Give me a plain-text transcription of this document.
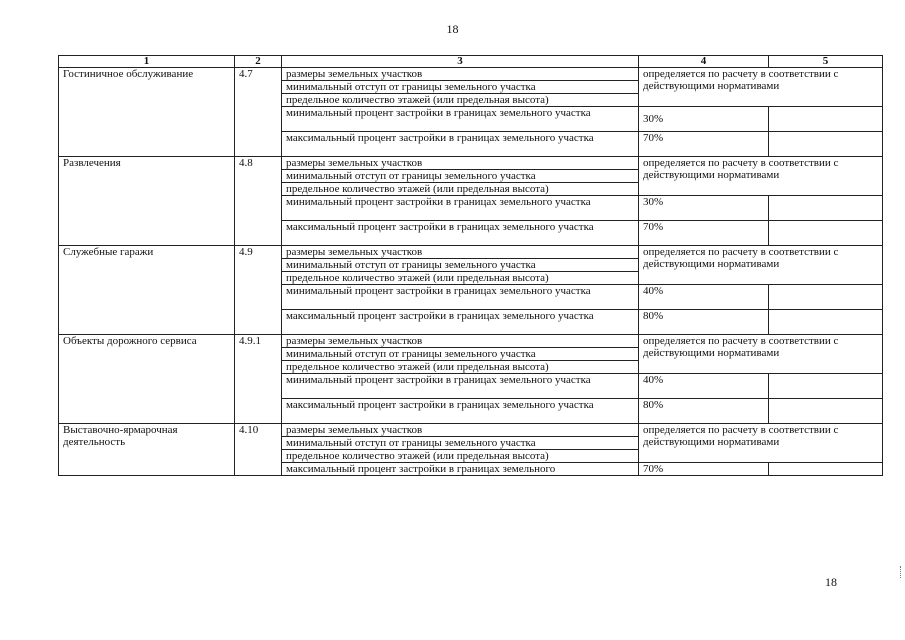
18
1	2	3	4	5
Гостиничное обслуживание	4.7	размеры земельных участков	определяется по расчету в соответствии с действующими нормативами	
		минимальный отступ от границы земельного участка		
		предельное количество этажей (или предельная высота)		
		минимальный процент застройки в границах земельного участка	30%	
		максимальный процент застройки в границах земельного участка	70%	
Развлечения	4.8	размеры земельных участков	определяется по расчету в соответствии с действующими нормативами	
		минимальный отступ от границы земельного участка		
		предельное количество этажей (или предельная высота)		
		минимальный процент застройки в границах земельного участка	30%	
		максимальный процент застройки в границах земельного участка	70%	
Служебные гаражи	4.9	размеры земельных участков	определяется по расчету в соответствии с действующими нормативами	
		минимальный отступ от границы земельного участка		
		предельное количество этажей (или предельная высота)		
		минимальный процент застройки в границах земельного участка	40%	
		максимальный процент застройки в границах земельного участка	80%	
Объекты дорожного сервиса	4.9.1	размеры земельных участков	определяется по расчету в соответствии с действующими нормативами	
		минимальный отступ от границы земельного участка		
		предельное количество этажей (или предельная высота)		
		минимальный процент застройки в границах земельного участка	40%	
		максимальный процент застройки в границах земельного участка	80%	
Выставочно-ярмарочная деятельность	4.10	размеры земельных участков	определяется по расчету в соответствии с действующими нормативами	
		минимальный отступ от границы земельного участка		
		предельное количество этажей (или предельная высота)		
		максимальный процент застройки в границах земельного	70%	
18
